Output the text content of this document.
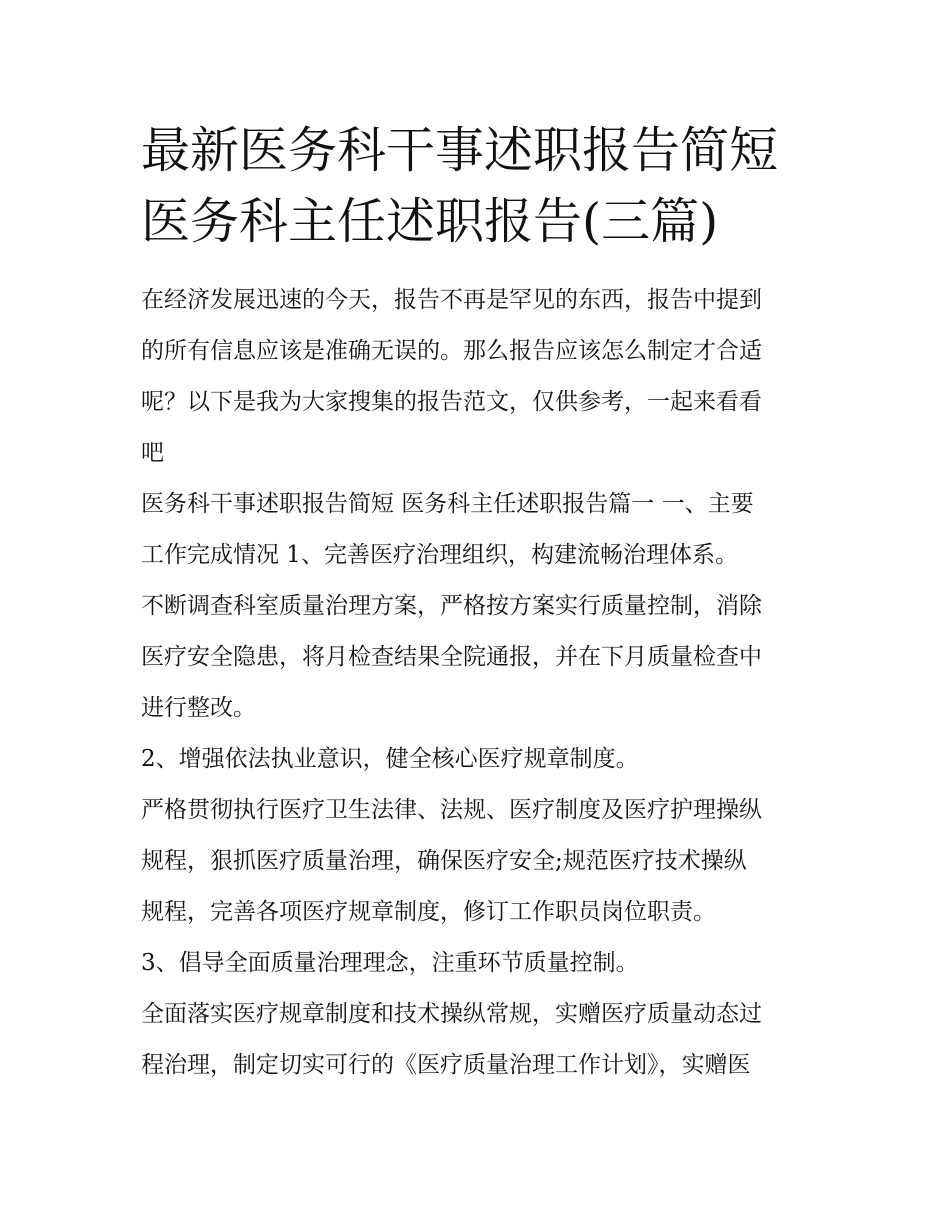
最新医务科干事述职报告简短
医务科主任述职报告(三篇)

在经济发展迅速的今天，报告不再是罕见的东西，报告中提到
的所有信息应该是准确无误的。那么报告应该怎么制定才合适
呢？以下是我为大家搜集的报告范文，仅供参考，一起来看看
吧

医务科干事述职报告简短 医务科主任述职报告篇一 一、主要
工作完成情况 1、完善医疗治理组织，构建流畅治理体系。

不断调查科室质量治理方案，严格按方案实行质量控制，消除
医疗安全隐患，将月检查结果全院通报，并在下月质量检查中
进行整改。

2、增强依法执业意识，健全核心医疗规章制度。

严格贯彻执行医疗卫生法律、法规、医疗制度及医疗护理操纵
规程，狠抓医疗质量治理，确保医疗安全;规范医疗技术操纵
规程，完善各项医疗规章制度，修订工作职员岗位职责。

3、倡导全面质量治理理念，注重环节质量控制。

全面落实医疗规章制度和技术操纵常规，实赠医疗质量动态过
程治理，制定切实可行的《医疗质量治理工作计划》，实赠医
